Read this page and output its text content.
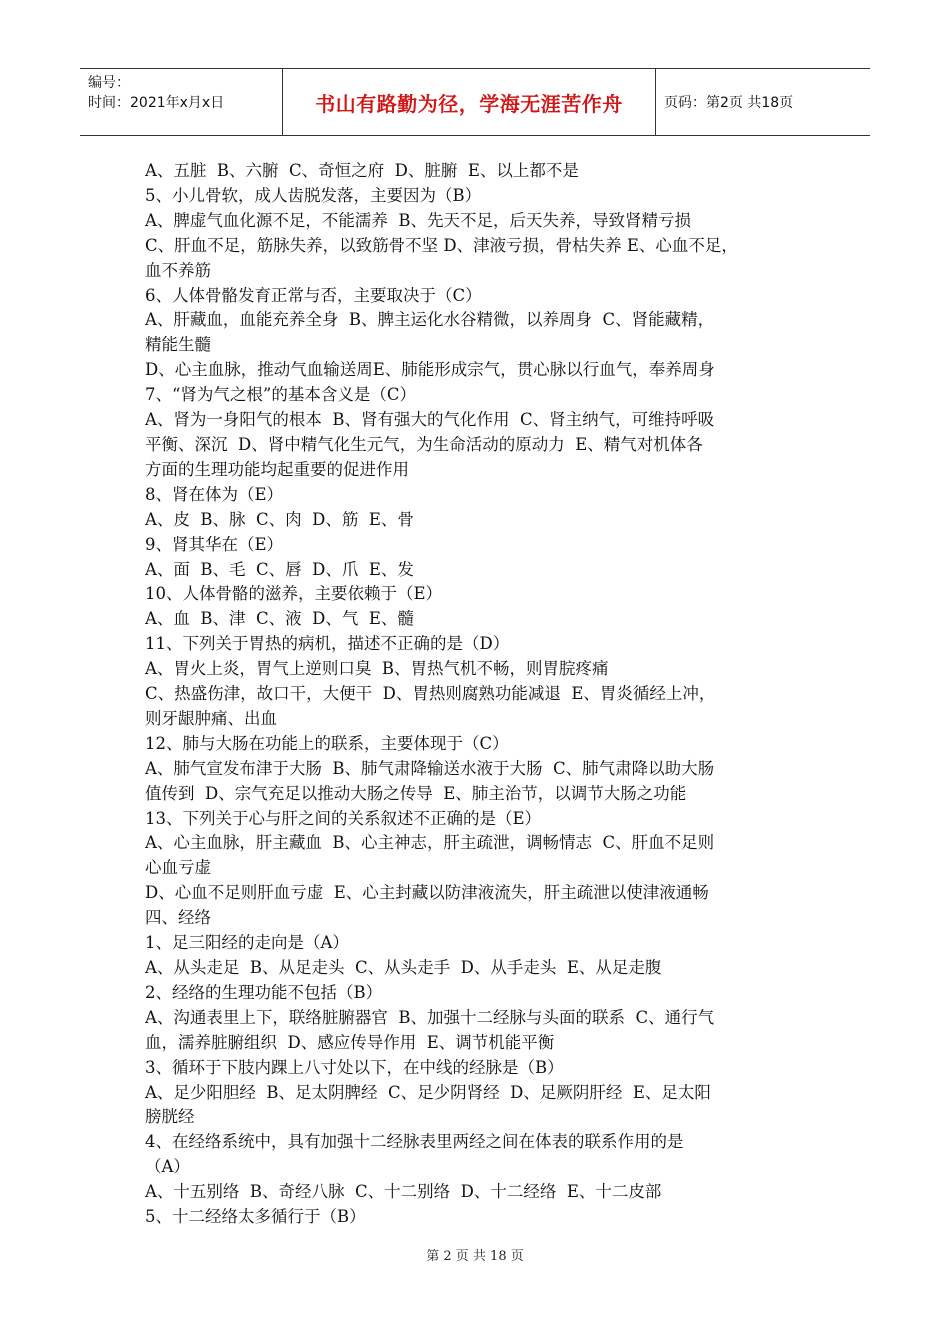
编号：
时间：2021年x月x日	书山有路勤为径，学海无涯苦作舟	页码：第2页 共18页
A、五脏  B、六腑  C、奇恒之府  D、脏腑  E、以上都不是
5、小儿骨软，成人齿脱发落，主要因为（B）
A、脾虚气血化源不足，不能濡养  B、先天不足，后天失养，导致肾精亏损
C、肝血不足，筋脉失养，以致筋骨不坚 D、津液亏损，骨枯失养 E、心血不足，
血不养筋
6、人体骨骼发育正常与否，主要取决于（C）
A、肝藏血，血能充养全身  B、脾主运化水谷精微，以养周身  C、肾能藏精，
精能生髓
D、心主血脉，推动气血输送周E、肺能形成宗气，贯心脉以行血气，奉养周身
7、“肾为气之根”的基本含义是（C）
A、肾为一身阳气的根本  B、肾有强大的气化作用  C、肾主纳气，可维持呼吸
平衡、深沉  D、肾中精气化生元气，为生命活动的原动力  E、精气对机体各
方面的生理功能均起重要的促进作用
8、肾在体为（E）
A、皮  B、脉  C、肉  D、筋  E、骨
9、肾其华在（E）
A、面  B、毛  C、唇  D、爪  E、发
10、人体骨骼的滋养，主要依赖于（E）
A、血  B、津  C、液  D、气  E、髓
11、下列关于胃热的病机，描述不正确的是（D）
A、胃火上炎，胃气上逆则口臭  B、胃热气机不畅，则胃脘疼痛
C、热盛伤津，故口干，大便干  D、胃热则腐熟功能减退  E、胃炎循经上冲，
则牙龈肿痛、出血
12、肺与大肠在功能上的联系，主要体现于（C）
A、肺气宣发布津于大肠  B、肺气肃降输送水液于大肠  C、肺气肃降以助大肠
值传到  D、宗气充足以推动大肠之传导  E、肺主治节，以调节大肠之功能
13、下列关于心与肝之间的关系叙述不正确的是（E）
A、心主血脉，肝主藏血  B、心主神志，肝主疏泄，调畅情志  C、肝血不足则
心血亏虚
D、心血不足则肝血亏虚  E、心主封藏以防津液流失，肝主疏泄以使津液通畅
四、经络
1、足三阳经的走向是（A）
A、从头走足  B、从足走头  C、从头走手  D、从手走头  E、从足走腹
2、经络的生理功能不包括（B）
A、沟通表里上下，联络脏腑器官  B、加强十二经脉与头面的联系  C、通行气
血，濡养脏腑组织  D、感应传导作用  E、调节机能平衡
3、循环于下肢内踝上八寸处以下，在中线的经脉是（B）
A、足少阳胆经  B、足太阴脾经  C、足少阴肾经  D、足厥阴肝经  E、足太阳
膀胱经
4、在经络系统中，具有加强十二经脉表里两经之间在体表的联系作用的是
（A）
A、十五别络  B、奇经八脉  C、十二别络  D、十二经络  E、十二皮部
5、十二经络太多循行于（B）
第 2 页 共 18 页
